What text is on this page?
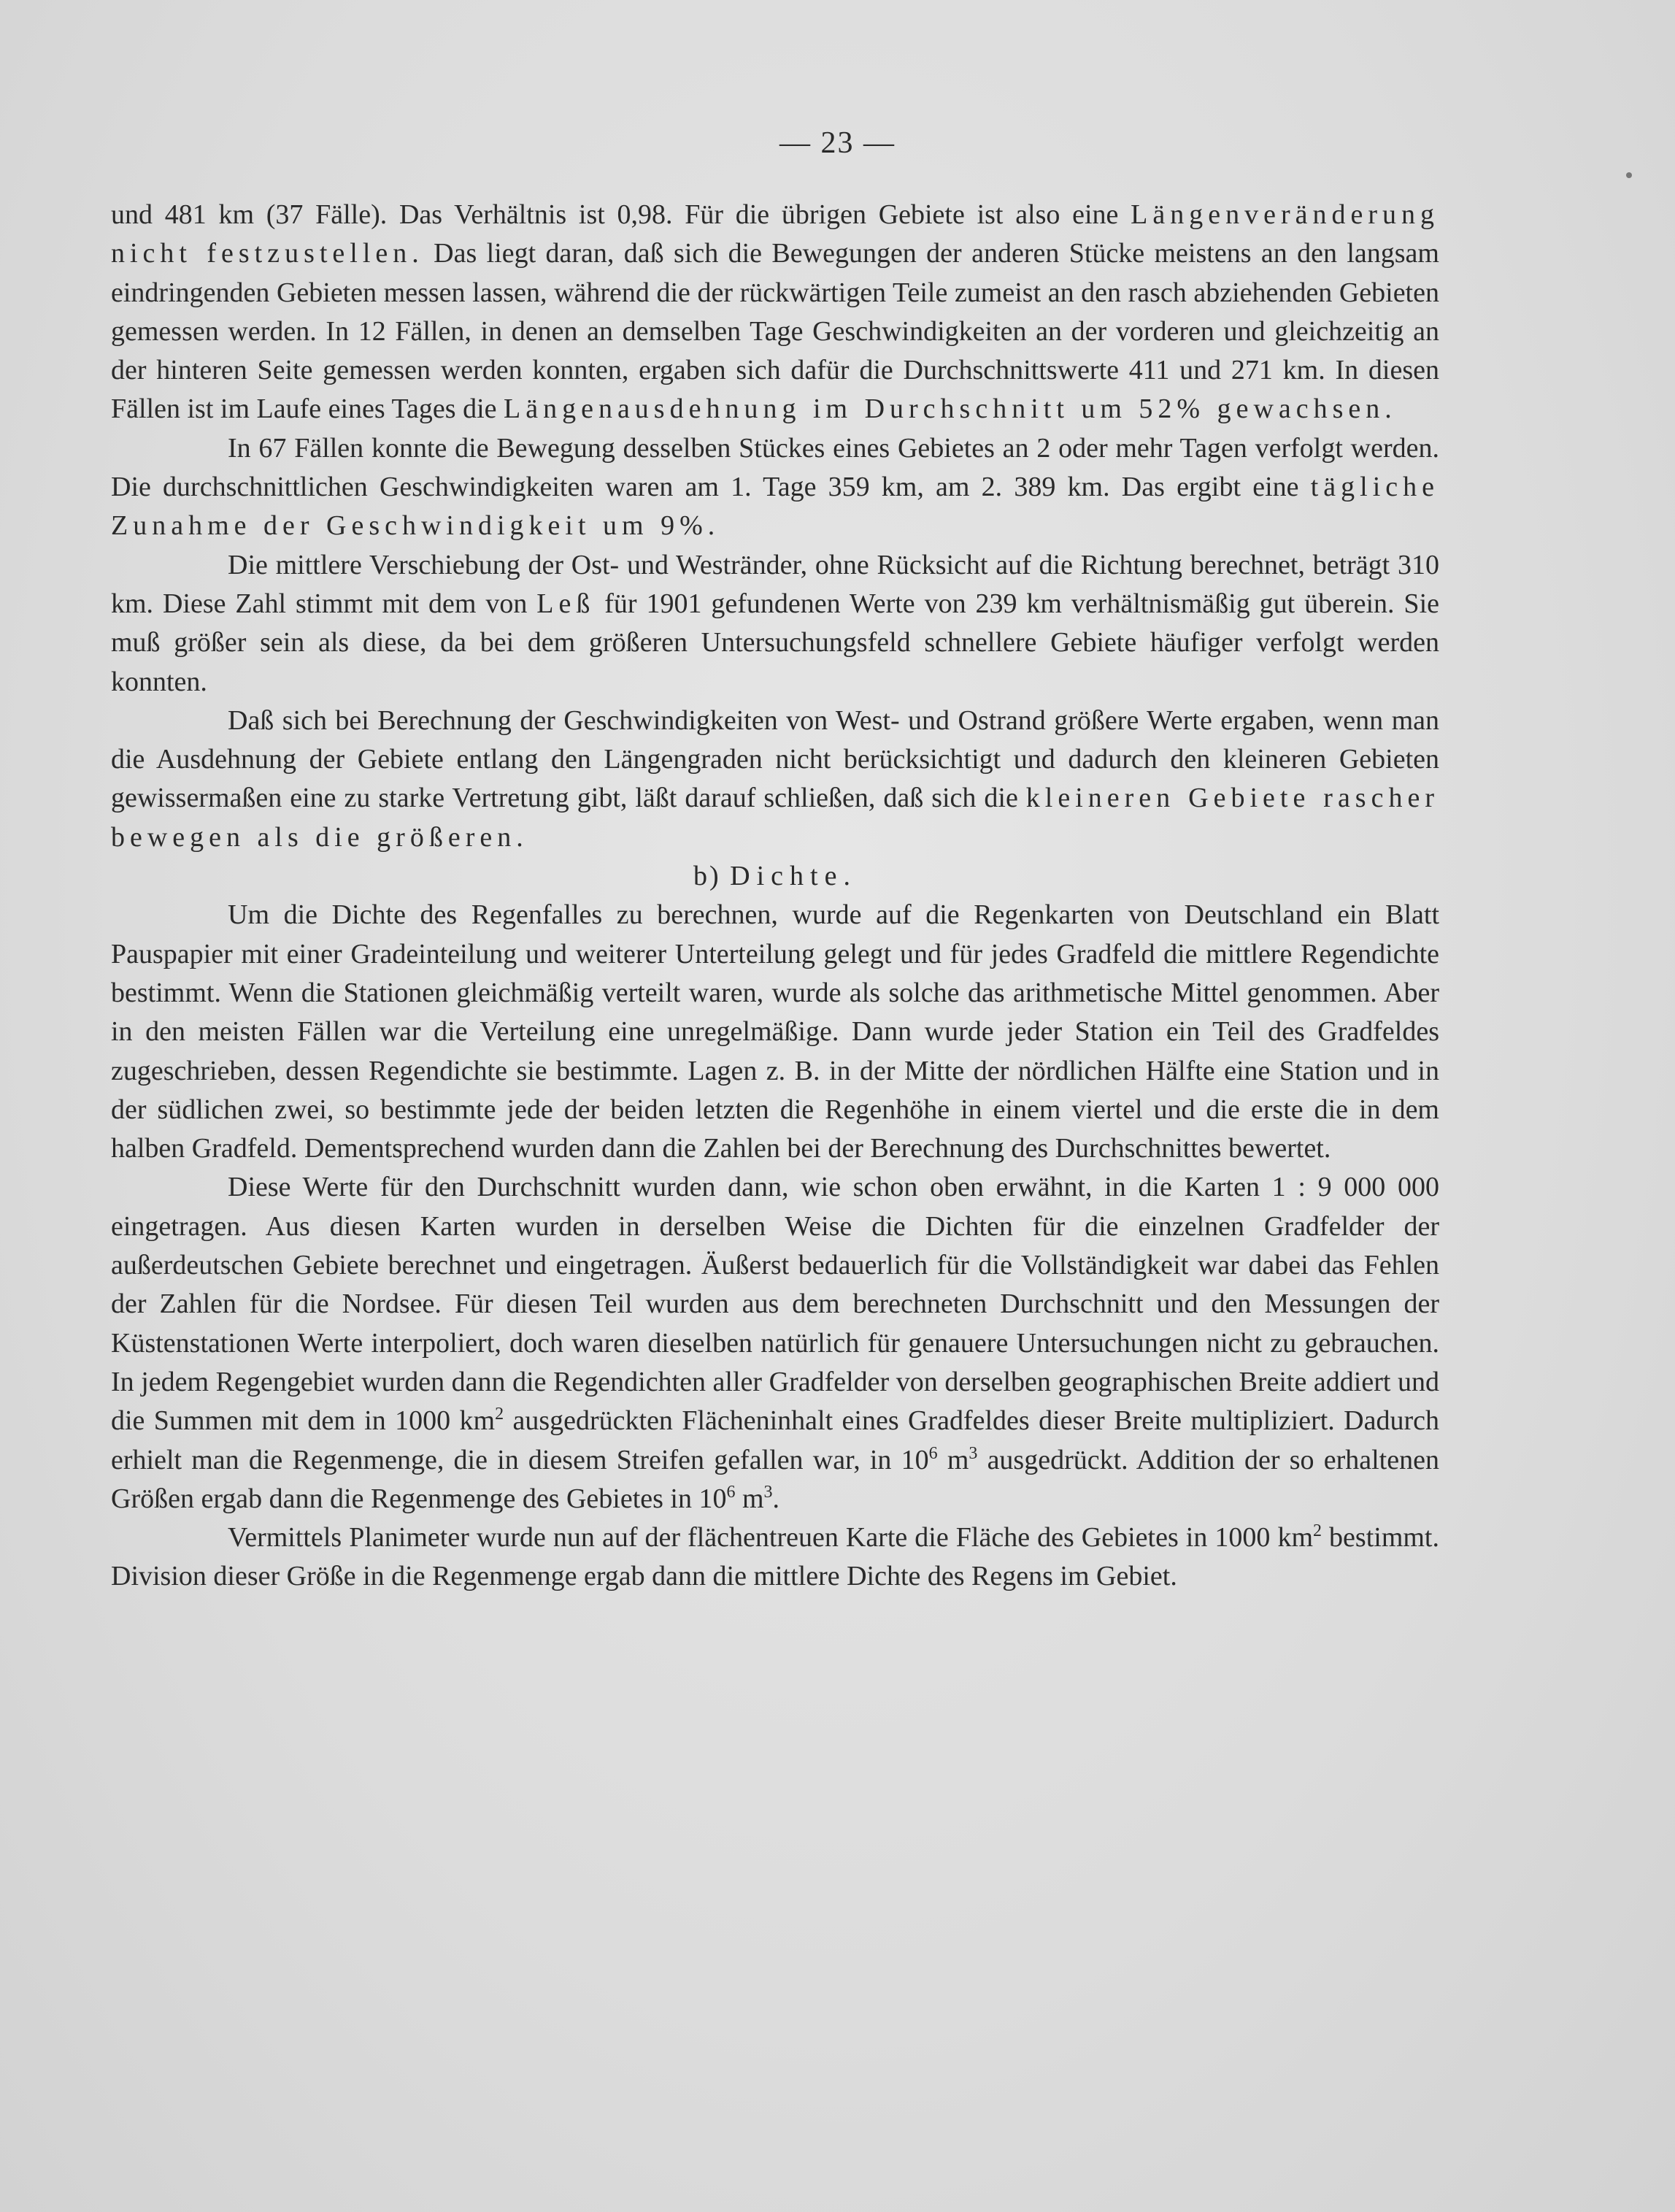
— 23 —

und 481 km (37 Fälle). Das Verhältnis ist 0,98. Für die übrigen Gebiete ist also eine Längenveränderung nicht festzustellen. Das liegt daran, daß sich die Bewegungen der anderen Stücke meistens an den langsam eindringenden Gebieten messen lassen, während die der rückwärtigen Teile zumeist an den rasch abziehenden Gebieten gemessen werden. In 12 Fällen, in denen an demselben Tage Geschwindigkeiten an der vorderen und gleichzeitig an der hinteren Seite gemessen werden konnten, ergaben sich dafür die Durchschnittswerte 411 und 271 km. In diesen Fällen ist im Laufe eines Tages die Längenausdehnung im Durchschnitt um 52% gewachsen.

In 67 Fällen konnte die Bewegung desselben Stückes eines Gebietes an 2 oder mehr Tagen verfolgt werden. Die durchschnittlichen Geschwindigkeiten waren am 1. Tage 359 km, am 2. 389 km. Das ergibt eine tägliche Zunahme der Geschwindigkeit um 9%.

Die mittlere Verschiebung der Ost- und Westränder, ohne Rücksicht auf die Richtung berechnet, beträgt 310 km. Diese Zahl stimmt mit dem von Leß für 1901 gefundenen Werte von 239 km verhältnismäßig gut überein. Sie muß größer sein als diese, da bei dem größeren Untersuchungsfeld schnellere Gebiete häufiger verfolgt werden konnten.

Daß sich bei Berechnung der Geschwindigkeiten von West- und Ostrand größere Werte ergaben, wenn man die Ausdehnung der Gebiete entlang den Längengraden nicht berücksichtigt und dadurch den kleineren Gebieten gewissermaßen eine zu starke Vertretung gibt, läßt darauf schließen, daß sich die kleineren Gebiete rascher bewegen als die größeren.

b) Dichte.

Um die Dichte des Regenfalles zu berechnen, wurde auf die Regenkarten von Deutschland ein Blatt Pauspapier mit einer Gradeinteilung und weiterer Unterteilung gelegt und für jedes Gradfeld die mittlere Regendichte bestimmt. Wenn die Stationen gleichmäßig verteilt waren, wurde als solche das arithmetische Mittel genommen. Aber in den meisten Fällen war die Verteilung eine unregelmäßige. Dann wurde jeder Station ein Teil des Gradfeldes zugeschrieben, dessen Regendichte sie bestimmte. Lagen z. B. in der Mitte der nördlichen Hälfte eine Station und in der südlichen zwei, so bestimmte jede der beiden letzten die Regenhöhe in einem viertel und die erste die in dem halben Gradfeld. Dementsprechend wurden dann die Zahlen bei der Berechnung des Durchschnittes bewertet.

Diese Werte für den Durchschnitt wurden dann, wie schon oben erwähnt, in die Karten 1 : 9 000 000 eingetragen. Aus diesen Karten wurden in derselben Weise die Dichten für die einzelnen Gradfelder der außerdeutschen Gebiete berechnet und eingetragen. Äußerst bedauerlich für die Vollständigkeit war dabei das Fehlen der Zahlen für die Nordsee. Für diesen Teil wurden aus dem berechneten Durchschnitt und den Messungen der Küstenstationen Werte interpoliert, doch waren dieselben natürlich für genauere Untersuchungen nicht zu gebrauchen. In jedem Regengebiet wurden dann die Regendichten aller Gradfelder von derselben geographischen Breite addiert und die Summen mit dem in 1000 $km^2$ ausgedrückten Flächeninhalt eines Gradfeldes dieser Breite multipliziert. Dadurch erhielt man die Regenmenge, die in diesem Streifen gefallen war, in $10^6$ $m^3$ ausgedrückt. Addition der so erhaltenen Größen ergab dann die Regenmenge des Gebietes in $10^6$ $m^3$.

Vermittels Planimeter wurde nun auf der flächentreuen Karte die Fläche des Gebietes in 1000 $km^2$ bestimmt. Division dieser Größe in die Regenmenge ergab dann die mittlere Dichte des Regens im Gebiet.
